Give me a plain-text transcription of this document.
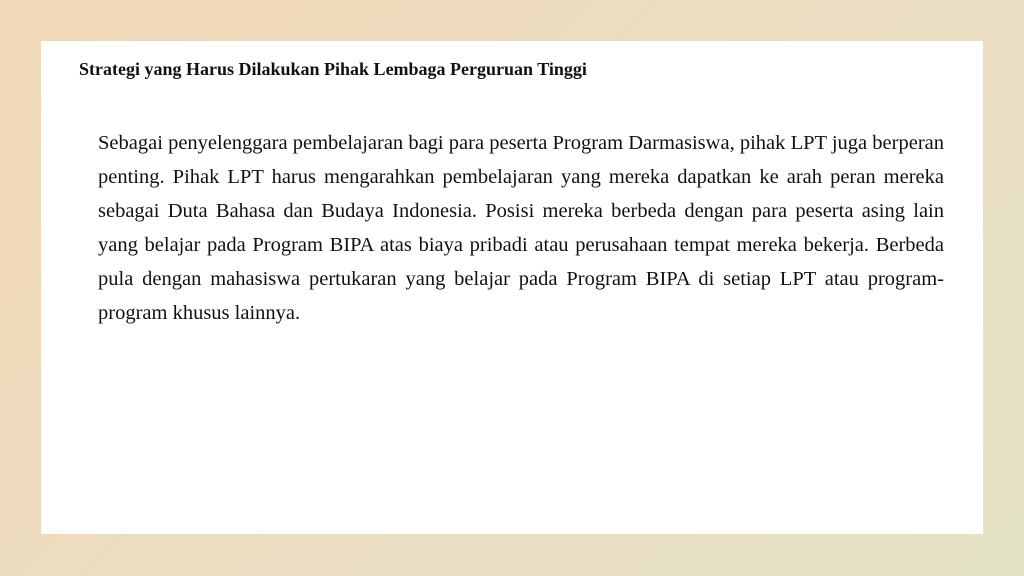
Strategi yang Harus Dilakukan Pihak Lembaga Perguruan Tinggi

Sebagai penyelenggara pembelajaran bagi para peserta Program Darmasiswa, pihak LPT juga berperan penting. Pihak LPT harus mengarahkan pembelajaran yang mereka dapatkan ke arah peran mereka sebagai Duta Bahasa dan Budaya Indonesia. Posisi mereka berbeda dengan para peserta asing lain yang belajar pada Program BIPA atas biaya pribadi atau perusahaan tempat mereka bekerja. Berbeda pula dengan mahasiswa pertukaran yang belajar pada Program BIPA di setiap LPT atau program-program khusus lainnya.
